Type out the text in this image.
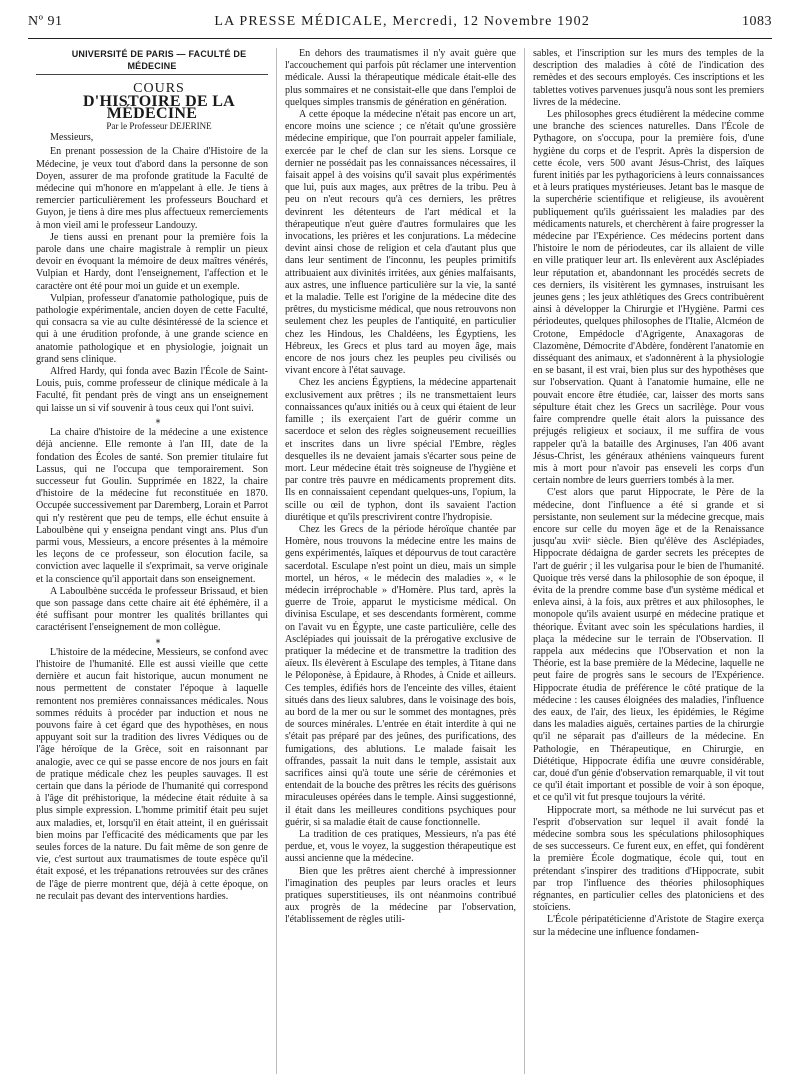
Nº 91	LA PRESSE MÉDICALE, Mercredi, 12 Novembre 1902	1083

UNIVERSITÉ DE PARIS — FACULTÉ DE MÉDECINE

COURS

D'HISTOIRE DE LA MÉDECINE

Par le Professeur DEJERINE

Messieurs,

En prenant possession de la Chaire d'Histoire de la Médecine, je veux tout d'abord dans la personne de son Doyen, assurer de ma profonde gratitude la Faculté de médecine qui m'honore en m'appelant à elle. Je tiens à remercier particulièrement les professeurs Bouchard et Guyon, je tiens à dire mes plus affectueux remerciements à mon vieil ami le professeur Landouzy.

Je tiens aussi en prenant pour la première fois la parole dans une chaire magistrale à remplir un pieux devoir en évoquant la mémoire de deux maîtres vénérés, Vulpian et Hardy, dont l'enseignement, l'affection et le caractère ont été pour moi un guide et un exemple.

Vulpian, professeur d'anatomie pathologique, puis de pathologie expérimentale, ancien doyen de cette Faculté, qui consacra sa vie au culte désintéressé de la science et qui à une érudition profonde, à une grande science en anatomie pathologique et en physiologie, joignait un grand sens clinique.

Alfred Hardy, qui fonda avec Bazin l'École de Saint-Louis, puis, comme professeur de clinique médicale à la Faculté, fit pendant près de vingt ans un enseignement qui laisse un si vif souvenir à tous ceux qui l'ont suivi.

⁎

La chaire d'histoire de la médecine a une existence déjà ancienne. Elle remonte à l'an III, date de la fondation des Écoles de santé. Son premier titulaire fut Lassus, qui ne l'occupa que temporairement. Son successeur fut Goulin. Supprimée en 1822, la chaire d'histoire de la médecine fut reconstituée en 1870. Occupée successivement par Daremberg, Lorain et Parrot qui n'y restèrent que peu de temps, elle échut ensuite à Laboulbène qui y enseigna pendant vingt ans. Plus d'un parmi vous, Messieurs, a encore présentes à la mémoire les leçons de ce professeur, son élocution facile, sa conviction avec laquelle il s'exprimait, sa verve originale et la conscience qu'il apportait dans son enseignement.

A Laboulbène succéda le professeur Brissaud, et bien que son passage dans cette chaire ait été éphémère, il a été suffisant pour montrer les qualités brillantes qui caractérisent l'enseignement de mon collègue.

⁎

L'histoire de la médecine, Messieurs, se confond avec l'histoire de l'humanité. Elle est aussi vieille que cette dernière et aucun fait historique, aucun monument ne nous permettent de constater l'époque à laquelle remontent nos premières connaissances médicales. Nous sommes réduits à procéder par induction et nous ne pouvons faire à cet égard que des hypothèses, en nous appuyant soit sur la tradition des livres Védiques ou de l'âge héroïque de la Grèce, soit en raisonnant par analogie, avec ce qui se passe encore de nos jours en fait de pratique médicale chez les peuples sauvages. Il est certain que dans la période de l'humanité qui correspond à l'âge dit préhistorique, la médecine était réduite à sa plus simple expression. L'homme primitif était peu sujet aux maladies, et, lorsqu'il en était atteint, il en guérissait bien moins par l'efficacité des médicaments que par les seules forces de la nature. Du fait même de son genre de vie, c'est surtout aux traumatismes de toute espèce qu'il était exposé, et les trépanations retrouvées sur des crânes de l'âge de pierre montrent que, déjà à cette époque, on ne reculait pas devant des interventions hardies.

En dehors des traumatismes il n'y avait guère que l'accouchement qui parfois pût réclamer une intervention médicale. Aussi la thérapeutique médicale était-elle des plus sommaires et ne consistait-elle que dans l'emploi de quelques simples transmis de génération en génération.

A cette époque la médecine n'était pas encore un art, encore moins une science ; ce n'était qu'une grossière médecine empirique, que l'on pourrait appeler familiale, exercée par le chef de clan sur les siens. Lorsque ce dernier ne possédait pas les connaissances nécessaires, il faisait appel à des voisins qu'il savait plus expérimentés que lui, puis aux mages, aux prêtres de la tribu. Peu à peu on n'eut recours qu'à ces derniers, les prêtres devinrent les détenteurs de l'art médical et la thérapeutique n'eut guère d'autres formulaires que les invocations, les prières et les conjurations. La médecine devint ainsi chose de religion et cela d'autant plus que dans leur sentiment de l'inconnu, les peuples primitifs attribuaient aux divinités irritées, aux génies malfaisants, aux astres, une influence particulière sur la vie, la santé et la maladie. Telle est l'origine de la médecine dite des prêtres, du mysticisme médical, que nous retrouvons non seulement chez les peuples de l'antiquité, en particulier chez les Hindous, les Chaldéens, les Égyptiens, les Hébreux, les Grecs et plus tard au moyen âge, mais encore de nos jours chez les peuples peu civilisés ou vivant encore à l'état sauvage.

Chez les anciens Égyptiens, la médecine appartenait exclusivement aux prêtres ; ils ne transmettaient leurs connaissances qu'aux initiés ou à ceux qui étaient de leur famille ; ils exerçaient l'art de guérir comme un sacerdoce et selon des règles soigneusement recueillies et inscrites dans un livre spécial l'Embre, règles desquelles ils ne devaient jamais s'écarter sous peine de mort. Leur médecine était très soigneuse de l'hygiène et par contre très pauvre en médicaments proprement dits. Ils en connaissaient cependant quelques-uns, l'opium, la scille ou œil de typhon, dont ils savaient l'action diurétique et qu'ils prescrivirent contre l'hydropisie.

Chez les Grecs de la période héroïque chantée par Homère, nous trouvons la médecine entre les mains de gens expérimentés, laïques et dépourvus de tout caractère sacerdotal. Esculape n'est point un dieu, mais un simple mortel, un héros, « le médecin des maladies », « le médecin irréprochable » d'Homère. Plus tard, après la guerre de Troie, apparut le mysticisme médical. On divinisa Esculape, et ses descendants formèrent, comme on l'avait vu en Égypte, une caste particulière, celle des Asclépiades qui jouissait de la prérogative exclusive de pratiquer la médecine et de transmettre la tradition des aïeux. Ils élevèrent à Esculape des temples, à Titane dans le Péloponèse, à Épidaure, à Rhodes, à Cnide et ailleurs. Ces temples, édifiés hors de l'enceinte des villes, étaient situés dans des lieux salubres, dans le voisinage des bois, au bord de la mer ou sur le sommet des montagnes, près de sources minérales. L'entrée en était interdite à qui ne s'était pas préparé par des jeûnes, des purifications, des fumigations, des ablutions. Le malade faisait les offrandes, passait la nuit dans le temple, assistait aux sacrifices ainsi qu'à toute une série de cérémonies et entendait de la bouche des prêtres les récits des guérisons miraculeuses opérées dans le temple. Ainsi suggestionné, il était dans les meilleures conditions psychiques pour guérir, si sa maladie était de cause fonctionnelle.

La tradition de ces pratiques, Messieurs, n'a pas été perdue, et, vous le voyez, la suggestion thérapeutique est aussi ancienne que la médecine.

Bien que les prêtres aient cherché à impressionner l'imagination des peuples par leurs oracles et leurs pratiques superstitieuses, ils ont néanmoins contribué aux progrès de la médecine par l'observation, l'établissement de règles utili-

sables, et l'inscription sur les murs des temples de la description des maladies à côté de l'indication des remèdes et des secours employés. Ces inscriptions et les tablettes votives parvenues jusqu'à nous sont les premiers livres de la médecine.

Les philosophes grecs étudièrent la médecine comme une branche des sciences naturelles. Dans l'École de Pythagore, on s'occupa, pour la première fois, d'une hygiène du corps et de l'esprit. Après la dispersion de cette école, vers 500 avant Jésus-Christ, des laïques furent initiés par les pythagoriciens à leurs connaissances et à leurs pratiques mystérieuses. Jetant bas le masque de la superchérie scientifique et religieuse, ils avouèrent publiquement qu'ils guérissaient les maladies par des médicaments naturels, et cherchèrent à faire progresser la médecine par l'Expérience. Ces médecins portent dans l'histoire le nom de périodeutes, car ils allaient de ville en ville pratiquer leur art. Ils enlevèrent aux Asclépiades leur réputation et, abandonnant les procédés secrets de ces derniers, ils visitèrent les gymnases, instruisant les jeunes gens ; les jeux athlétiques des Grecs contribuèrent ainsi à développer la Chirurgie et l'Hygiène. Parmi ces périodeutes, quelques philosophes de l'Italie, Alcméon de Crotone, Empédocle d'Agrigente, Anaxagoras de Clazomène, Démocrite d'Abdère, fondèrent l'anatomie en disséquant des animaux, et s'adonnèrent à la physiologie en se basant, il est vrai, bien plus sur des hypothèses que sur l'observation. Quant à l'anatomie humaine, elle ne pouvait encore être étudiée, car, laisser des morts sans sépulture était chez les Grecs un sacrilège. Pour vous faire comprendre quelle était alors la puissance des préjugés religieux et sociaux, il me suffira de vous rappeler qu'à la bataille des Arginuses, l'an 406 avant Jésus-Christ, les généraux athéniens vainqueurs furent mis à mort pour n'avoir pas enseveli les corps d'un certain nombre de leurs guerriers tombés à la mer.

C'est alors que parut Hippocrate, le Père de la médecine, dont l'influence a été si grande et si persistante, non seulement sur la médecine grecque, mais encore sur celle du moyen âge et de la Renaissance jusqu'au xviiᵉ siècle. Bien qu'élève des Asclépiades, Hippocrate dédaigna de garder secrets les préceptes de l'art de guérir ; il les vulgarisa pour le bien de l'humanité. Quoique très versé dans la philosophie de son époque, il évita de la prendre comme base d'un système médical et enleva ainsi, à la fois, aux prêtres et aux philosophes, le monopole qu'ils avaient usurpé en médecine pratique et théorique. Évitant avec soin les spéculations hardies, il plaça la médecine sur le terrain de l'Observation. Il rappela aux médecins que l'Observation et non la Théorie, est la base première de la Médecine, laquelle ne peut faire de progrès sans le secours de l'Expérience. Hippocrate étudia de préférence le côté pratique de la médecine : les causes éloignées des maladies, l'influence des eaux, de l'air, des lieux, les épidémies, le Régime dans les maladies aiguës, certaines parties de la chirurgie qu'il ne séparait pas d'ailleurs de la médecine. En Pathologie, en Thérapeutique, en Chirurgie, en Diététique, Hippocrate édifia une œuvre considérable, car, doué d'un génie d'observation remarquable, il vit tout ce qu'il était important et possible de voir à son époque, et ce qu'il vit fut presque toujours la vérité.

Hippocrate mort, sa méthode ne lui survécut pas et l'esprit d'observation sur lequel il avait fondé la médecine sombra sous les spéculations philosophiques de ses successeurs. Ce furent eux, en effet, qui fondèrent la première École dogmatique, école qui, tout en prétendant s'inspirer des traditions d'Hippocrate, subit par trop l'influence des théories philosophiques régnantes, en particulier celles des platoniciens et des stoïciens.

L'École péripatéticienne d'Aristote de Stagire exerça sur la médecine une influence fondamen-
